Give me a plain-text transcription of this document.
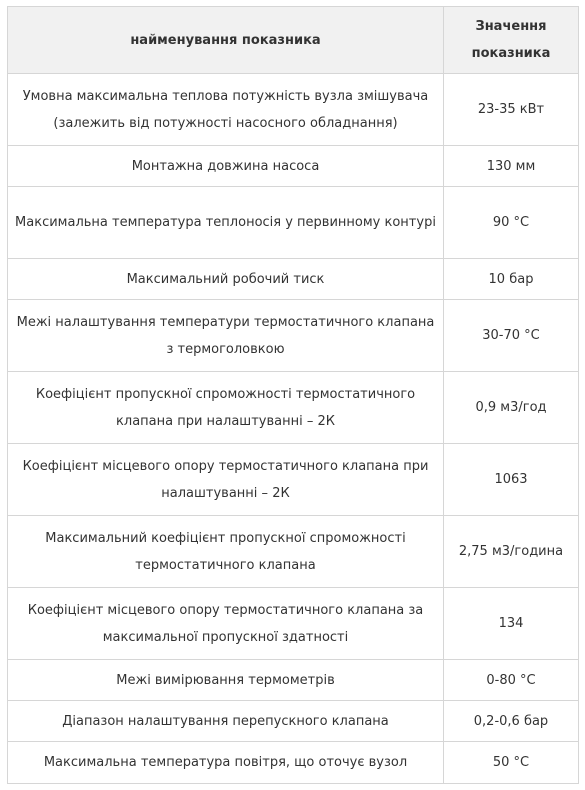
найменування показника	Значення показника
Умовна максимальна теплова потужність вузла змішувача (залежить від потужності насосного обладнання)	23-35 кВт
Монтажна довжина насоса	130 мм
Максимальна температура теплоносія у первинному контурі	90 °C
Максимальний робочий тиск	10 бар
Межі налаштування температури термостатичного клапана з термоголовкою	30-70 °C
Коефіцієнт пропускної спроможності термостатичного клапана при налаштуванні – 2К	0,9 м3/год
Коефіцієнт місцевого опору термостатичного клапана при налаштуванні – 2К	1063
Максимальний коефіцієнт пропускної спроможності термостатичного клапана	2,75 м3/година
Коефіцієнт місцевого опору термостатичного клапана за максимальної пропускної здатності	134
Межі вимірювання термометрів	0-80 °C
Діапазон налаштування перепускного клапана	0,2-0,6 бар
Максимальна температура повітря, що оточує вузол	50 °C
